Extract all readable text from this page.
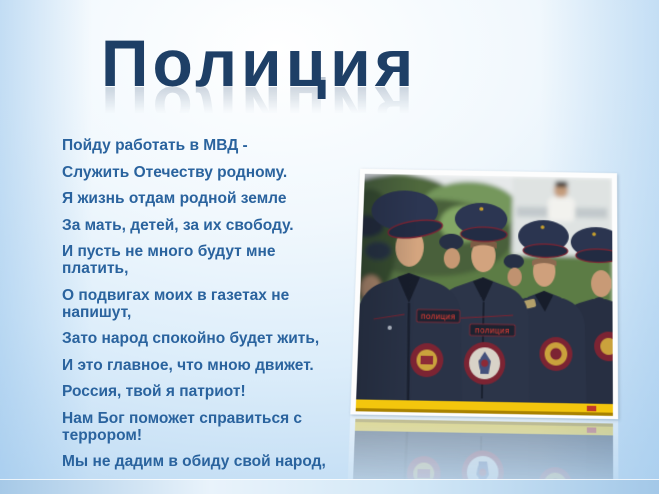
Полиция

Пойду работать в МВД -

Служить Отечеству родному.

Я жизнь отдам родной земле

За мать, детей, за их свободу.

И пусть не много будут мне платить,

О подвигах моих в газетах не напишут,

Зато народ спокойно будет жить,

И это главное, что мною движет.

Россия, твой я патриот!

Нам Бог поможет справиться с террором!

Мы не дадим в обиду свой народ,
